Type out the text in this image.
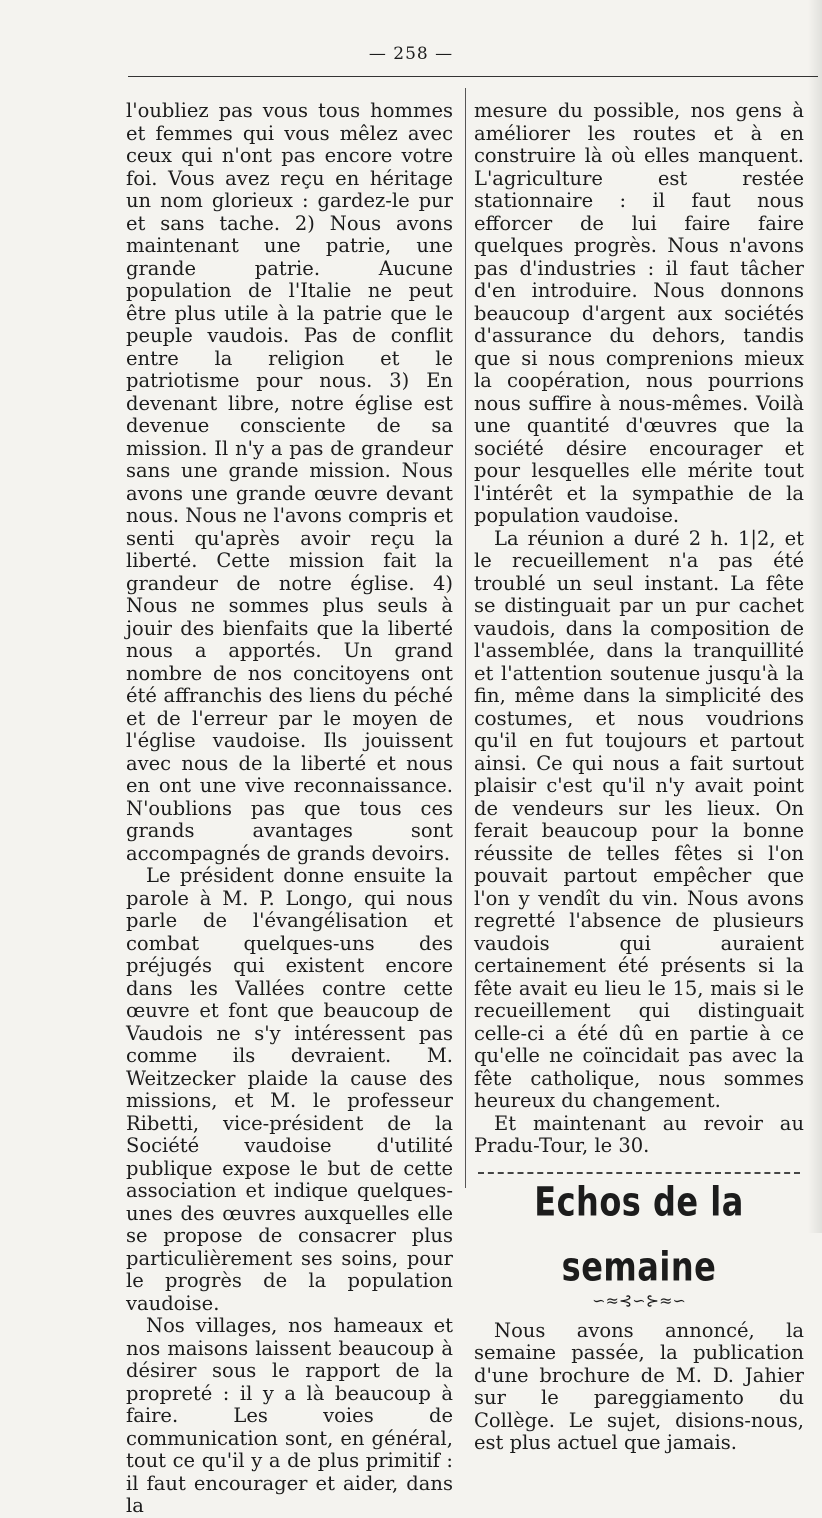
— 258 —

l'oubliez pas vous tous hommes et femmes qui vous mêlez avec ceux qui n'ont pas encore votre foi. Vous avez reçu en héritage un nom glorieux : gardez-le pur et sans tache. 2) Nous avons maintenant une patrie, une grande patrie. Aucune population de l'Italie ne peut être plus utile à la patrie que le peuple vaudois. Pas de conflit entre la religion et le patriotisme pour nous. 3) En devenant libre, notre église est devenue consciente de sa mission. Il n'y a pas de grandeur sans une grande mission. Nous avons une grande œuvre devant nous. Nous ne l'avons compris et senti qu'après avoir reçu la liberté. Cette mission fait la grandeur de notre église. 4) Nous ne sommes plus seuls à jouir des bienfaits que la liberté nous a apportés. Un grand nombre de nos concitoyens ont été affranchis des liens du péché et de l'erreur par le moyen de l'église vaudoise. Ils jouissent avec nous de la liberté et nous en ont une vive reconnaissance. N'oublions pas que tous ces grands avantages sont accompagnés de grands devoirs.

Le président donne ensuite la parole à M. P. Longo, qui nous parle de l'évangélisation et combat quelques-uns des préjugés qui existent encore dans les Vallées contre cette œuvre et font que beaucoup de Vaudois ne s'y intéressent pas comme ils devraient. M. Weitzecker plaide la cause des missions, et M. le professeur Ribetti, vice-président de la Société vaudoise d'utilité publique expose le but de cette association et indique quelques-unes des œuvres auxquelles elle se propose de consacrer plus particulièrement ses soins, pour le progrès de la population vaudoise.

Nos villages, nos hameaux et nos maisons laissent beaucoup à désirer sous le rapport de la propreté : il y a là beaucoup à faire. Les voies de communication sont, en général, tout ce qu'il y a de plus primitif : il faut encourager et aider, dans la

mesure du possible, nos gens à améliorer les routes et à en construire là où elles manquent. L'agriculture est restée stationnaire : il faut nous efforcer de lui faire faire quelques progrès. Nous n'avons pas d'industries : il faut tâcher d'en introduire. Nous donnons beaucoup d'argent aux sociétés d'assurance du dehors, tandis que si nous comprenions mieux la coopération, nous pourrions nous suffire à nous-mêmes. Voilà une quantité d'œuvres que la société désire encourager et pour lesquelles elle mérite tout l'intérêt et la sympathie de la population vaudoise.

La réunion a duré 2 h. 1|2, et le recueillement n'a pas été troublé un seul instant. La fête se distinguait par un pur cachet vaudois, dans la composition de l'assemblée, dans la tranquillité et l'attention soutenue jusqu'à la fin, même dans la simplicité des costumes, et nous voudrions qu'il en fut toujours et partout ainsi. Ce qui nous a fait surtout plaisir c'est qu'il n'y avait point de vendeurs sur les lieux. On ferait beaucoup pour la bonne réussite de telles fêtes si l'on pouvait partout empêcher que l'on y vendît du vin. Nous avons regretté l'absence de plusieurs vaudois qui auraient certainement été présents si la fête avait eu lieu le 15, mais si le recueillement qui distinguait celle-ci a été dû en partie à ce qu'elle ne coïncidait pas avec la fête catholique, nous sommes heureux du changement.

Et maintenant au revoir au Pradu-Tour, le 30.

Echos de la semaine
∽≈⊰∽⊱≈∽

Nous avons annoncé, la semaine passée, la publication d'une brochure de M. D. Jahier sur le pareggiamento du Collège. Le sujet, disions-nous, est plus actuel que jamais.
